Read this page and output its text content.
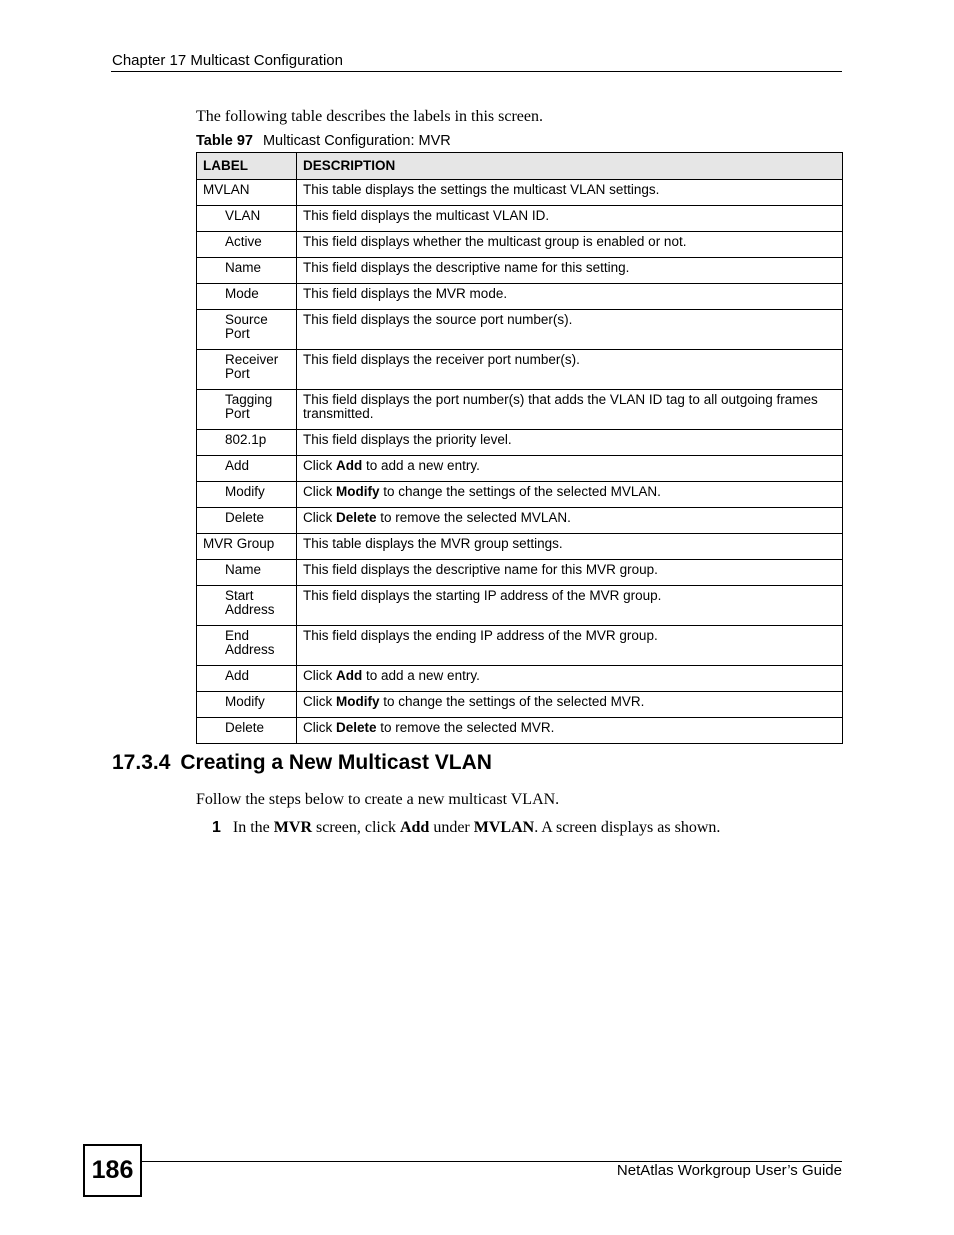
Chapter 17 Multicast Configuration
The following table describes the labels in this screen.
Table 97 Multicast Configuration: MVR
LABEL	DESCRIPTION
MVLAN	This table displays the settings the multicast VLAN settings.
VLAN	This field displays the multicast VLAN ID.
Active	This field displays whether the multicast group is enabled or not.
Name	This field displays the descriptive name for this setting.
Mode	This field displays the MVR mode.
Source Port	This field displays the source port number(s).
Receiver Port	This field displays the receiver port number(s).
Tagging Port	This field displays the port number(s) that adds the VLAN ID tag to all outgoing frames transmitted.
802.1p	This field displays the priority level.
Add	Click Add to add a new entry.
Modify	Click Modify to change the settings of the selected MVLAN.
Delete	Click Delete to remove the selected MVLAN.
MVR Group	This table displays the MVR group settings.
Name	This field displays the descriptive name for this MVR group.
Start Address	This field displays the starting IP address of the MVR group.
End Address	This field displays the ending IP address of the MVR group.
Add	Click Add to add a new entry.
Modify	Click Modify to change the settings of the selected MVR.
Delete	Click Delete to remove the selected MVR.
17.3.4 Creating a New Multicast VLAN
Follow the steps below to create a new multicast VLAN.
1 In the MVR screen, click Add under MVLAN. A screen displays as shown.
186	NetAtlas Workgroup User’s Guide
